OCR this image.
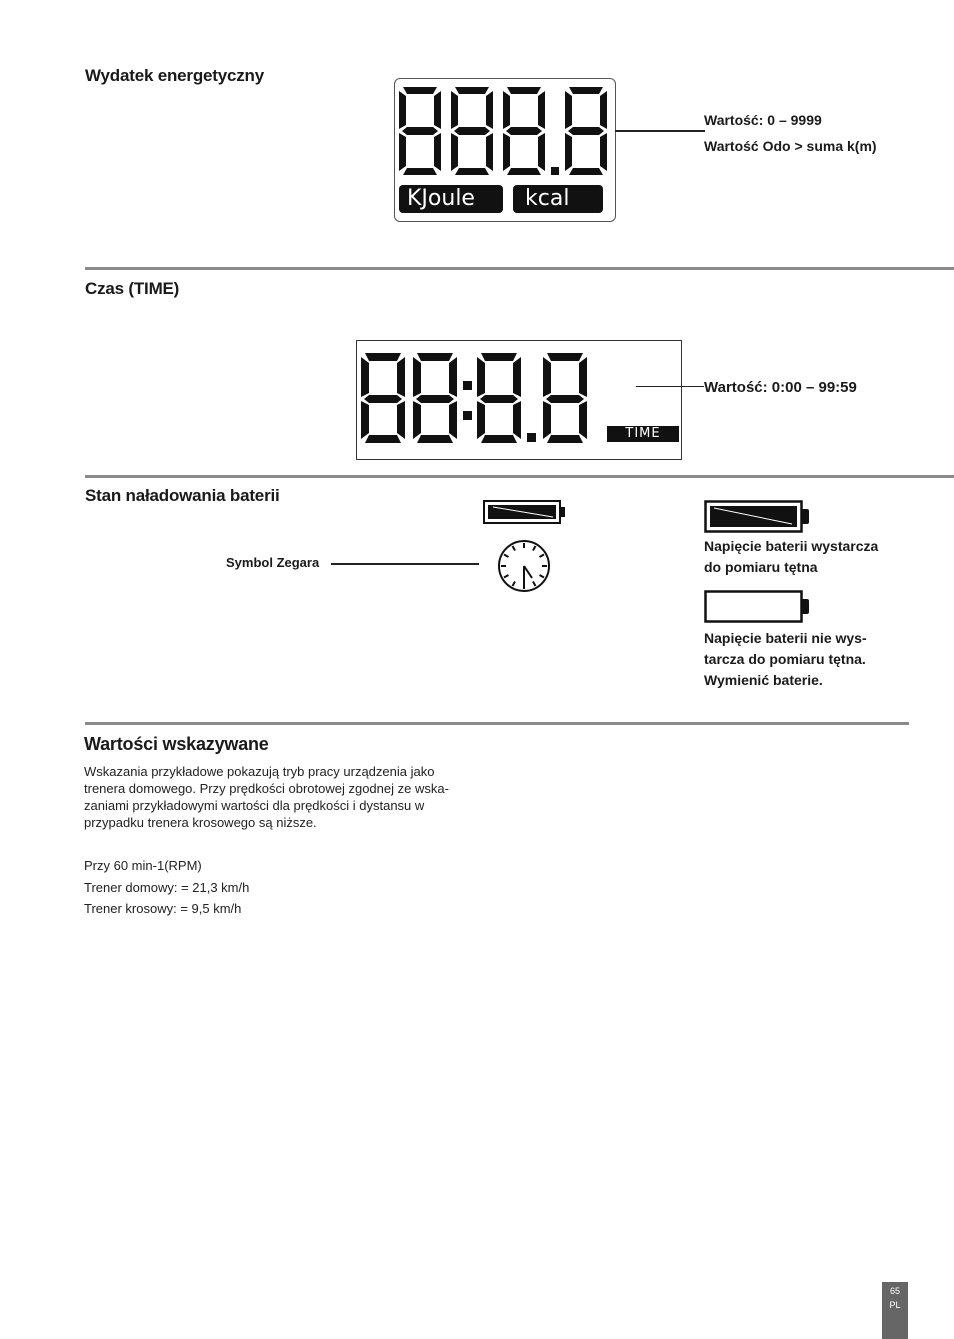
Wydatek energetyczny
KJoule	kcal
Wartość: 0 – 9999
Wartość Odo > suma k(m)
Czas (TIME)
TIME
Wartość: 0:00 – 99:59
Stan naładowania baterii
Symbol Zegara
Napięcie baterii wystarcza
do pomiaru tętna
Napięcie baterii nie wys-
tarcza do pomiaru tętna.
Wymienić baterie.
Wartości wskazywane
Wskazania przykładowe pokazują tryb pracy urządzenia jako
trenera domowego. Przy prędkości obrotowej zgodnej ze wska-
zaniami przykładowymi wartości dla prędkości i dystansu w
przypadku trenera krosowego są niższe.
Przy 60 min-1(RPM)
Trener domowy: = 21,3 km/h
Trener krosowy: = 9,5 km/h
65
PL
